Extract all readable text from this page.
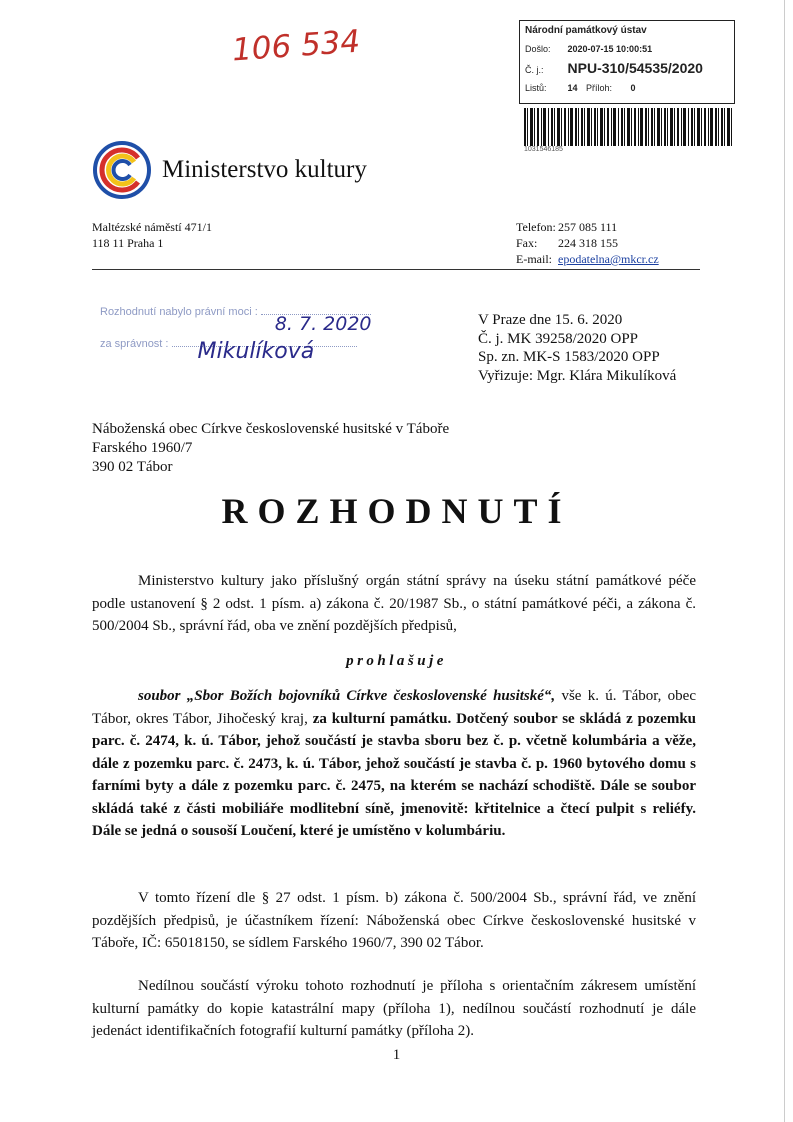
106 534	Národní památkový ústav
Došlo: 2020-07-15 10:00:51
Č. j.: NPU-310/54535/2020
Listů: 14 Příloh: 0
1031546185
Ministerstvo kultury
Maltézské náměstí 471/1
118 11 Praha 1
Telefon: 257 085 111
Fax: 224 318 155
E-mail: epodatelna@mkcr.cz
Rozhodnutí nabylo právní moci :
8. 7. 2020
za správnost : Mikulíková
V Praze dne 15. 6. 2020
Č. j. MK 39258/2020 OPP
Sp. zn. MK-S 1583/2020 OPP
Vyřizuje: Mgr. Klára Mikulíková
Náboženská obec Církve československé husitské v Táboře
Farského 1960/7
390 02 Tábor
ROZHODNUTÍ
Ministerstvo kultury jako příslušný orgán státní správy na úseku státní památkové péče podle ustanovení § 2 odst. 1 písm. a) zákona č. 20/1987 Sb., o státní památkové péči, a zákona č. 500/2004 Sb., správní řád, oba ve znění pozdějších předpisů,
prohlašuje
soubor „Sbor Božích bojovníků Církve československé husitské“, vše k. ú. Tábor, obec Tábor, okres Tábor, Jihočeský kraj, za kulturní památku. Dotčený soubor se skládá z pozemku parc. č. 2474, k. ú. Tábor, jehož součástí je stavba sboru bez č. p. včetně kolumbária a věže, dále z pozemku parc. č. 2473, k. ú. Tábor, jehož součástí je stavba č. p. 1960 bytového domu s farními byty a dále z pozemku parc. č. 2475, na kterém se nachází schodiště. Dále se soubor skládá také z části mobiliáře modlitební síně, jmenovitě: křtitelnice a čtecí pulpit s reliéfy. Dále se jedná o sousoší Loučení, které je umístěno v kolumbáriu.
V tomto řízení dle § 27 odst. 1 písm. b) zákona č. 500/2004 Sb., správní řád, ve znění pozdějších předpisů, je účastníkem řízení: Náboženská obec Církve československé husitské v Táboře, IČ: 65018150, se sídlem Farského 1960/7, 390 02 Tábor.
Nedílnou součástí výroku tohoto rozhodnutí je příloha s orientačním zákresem umístění kulturní památky do kopie katastrální mapy (příloha 1), nedílnou součástí rozhodnutí je dále jedenáct identifikačních fotografií kulturní památky (příloha 2).
1
